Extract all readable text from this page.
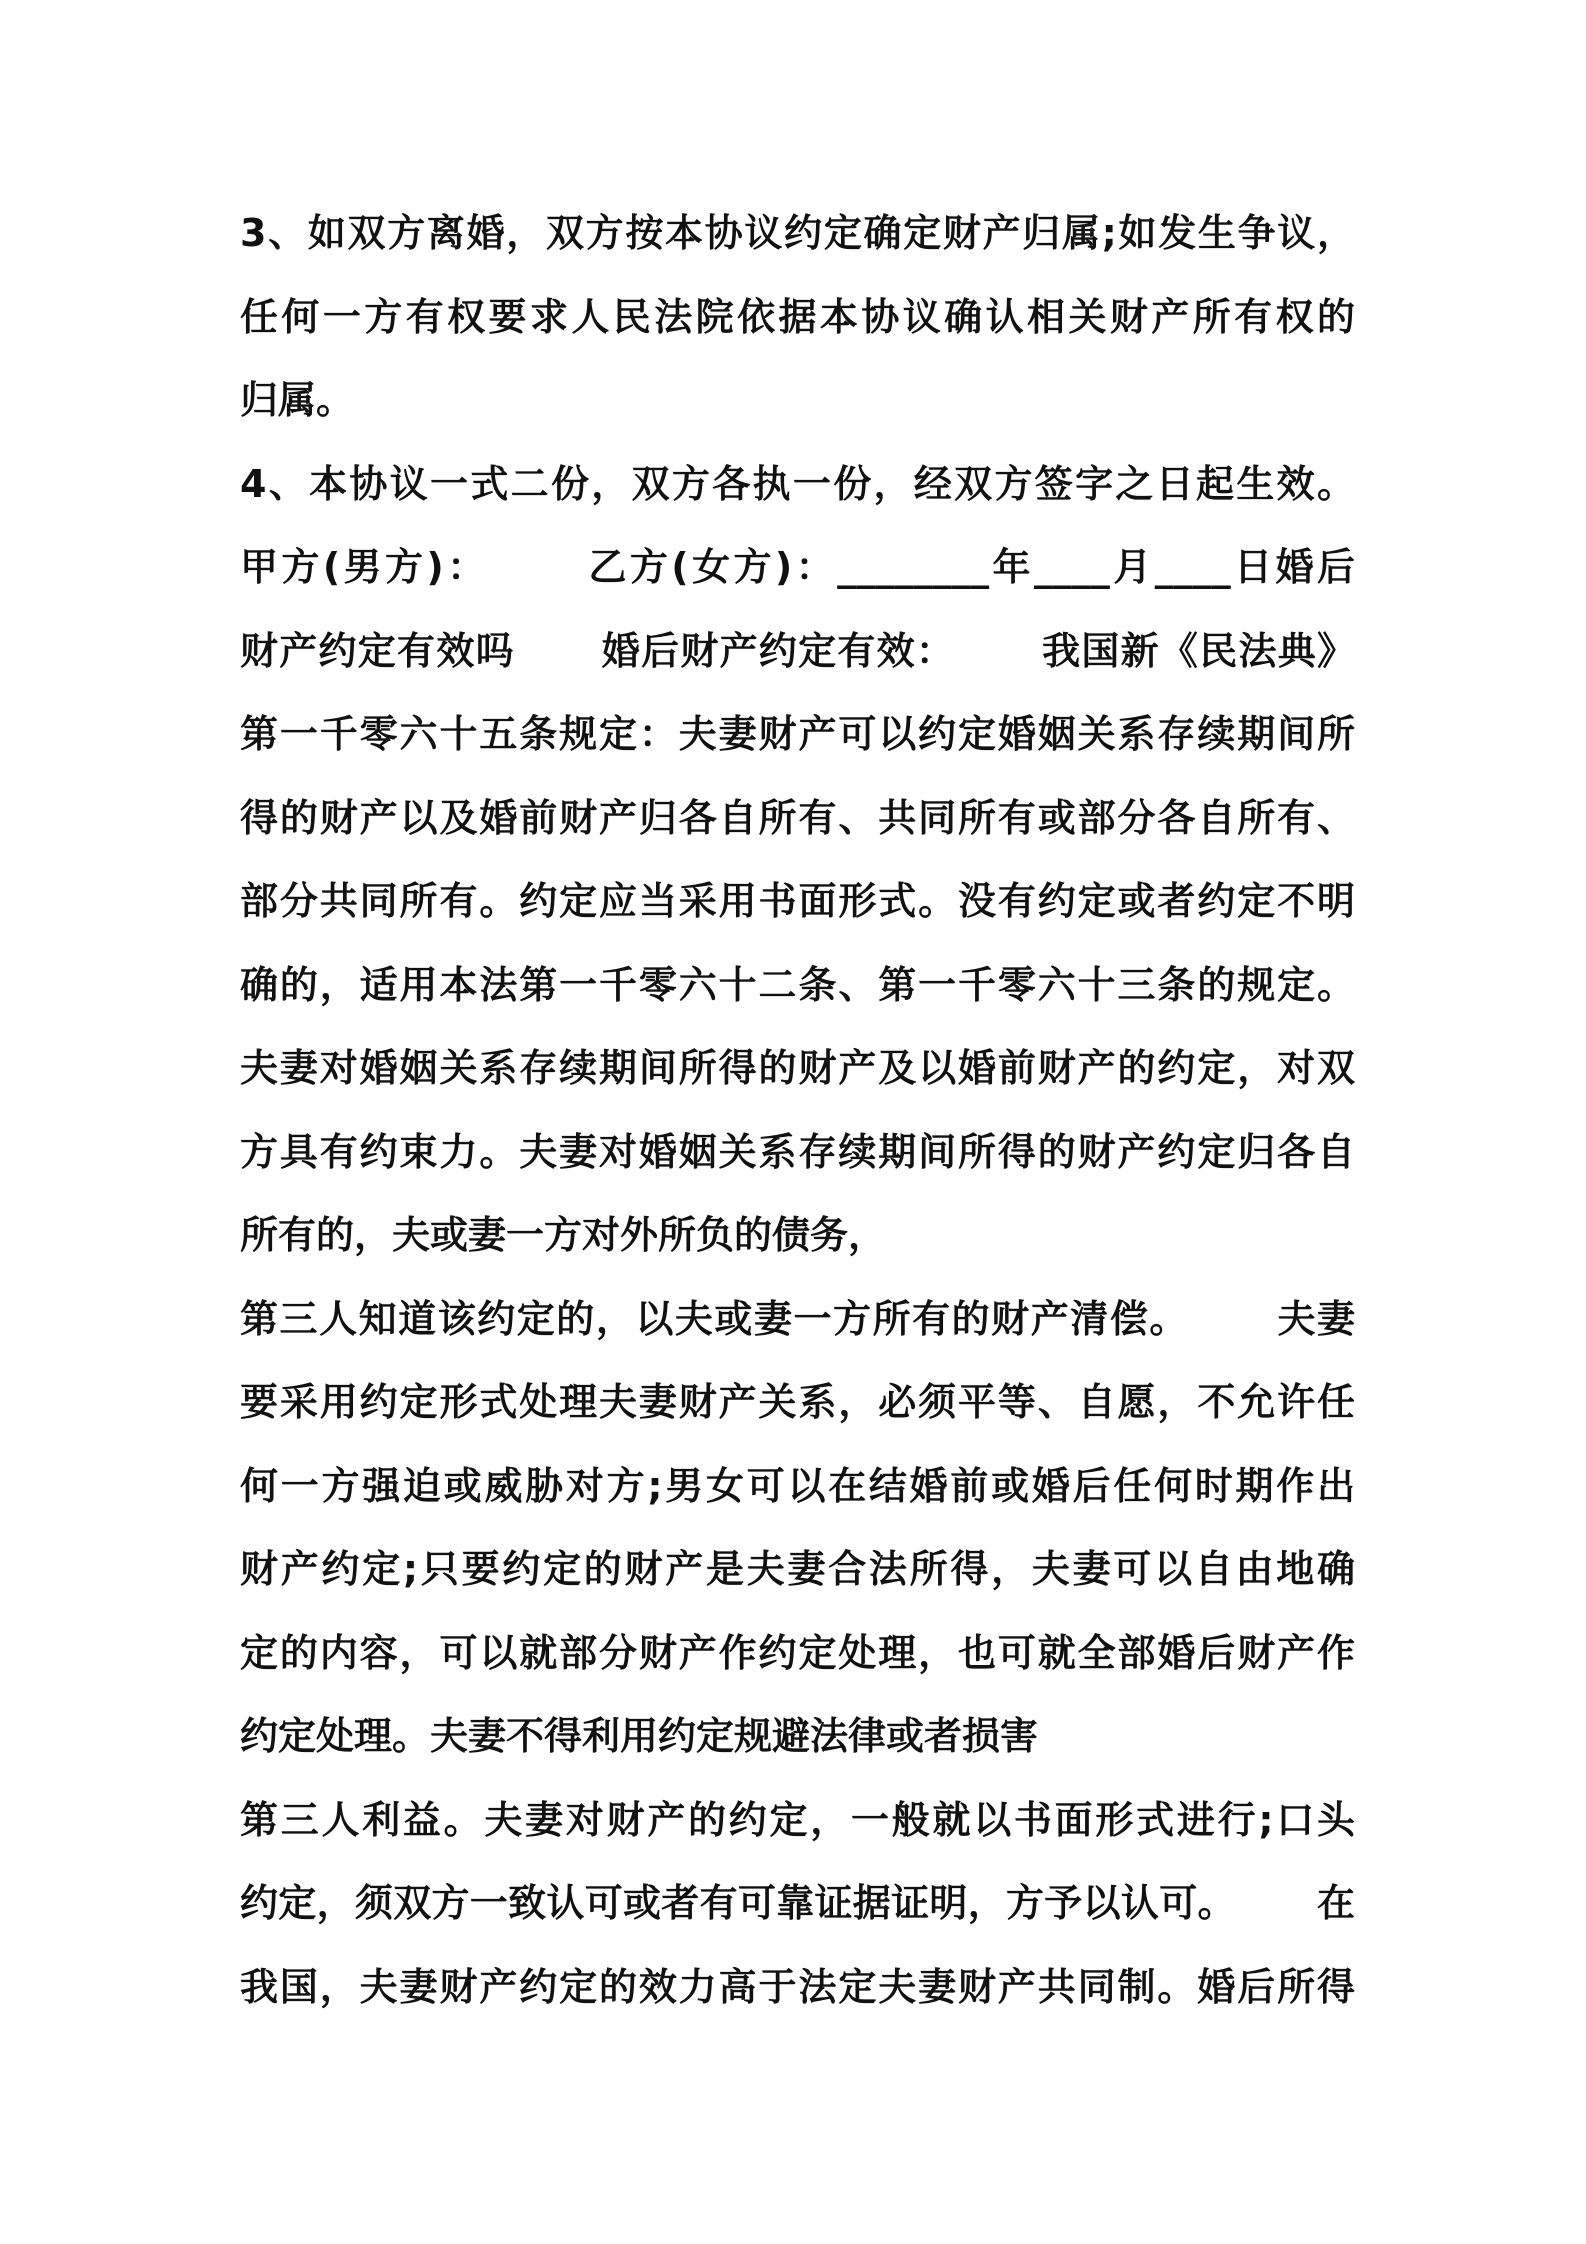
3、如双方离婚，双方按本协议约定确定财产归属;如发生争议，
任何一方有权要求人民法院依据本协议确认相关财产所有权的
归属。
4、本协议一式二份，双方各执一份，经双方签字之日起生效。
甲方(男方)：      乙方(女方)：________年____月____日婚后
财产约定有效吗      婚后财产约定有效：      我国新《民法典》
第一千零六十五条规定：夫妻财产可以约定婚姻关系存续期间所
得的财产以及婚前财产归各自所有、共同所有或部分各自所有、
部分共同所有。约定应当采用书面形式。没有约定或者约定不明
确的，适用本法第一千零六十二条、第一千零六十三条的规定。
夫妻对婚姻关系存续期间所得的财产及以婚前财产的约定，对双
方具有约束力。夫妻对婚姻关系存续期间所得的财产约定归各自
所有的，夫或妻一方对外所负的债务，
第三人知道该约定的，以夫或妻一方所有的财产清偿。      夫妻
要采用约定形式处理夫妻财产关系，必须平等、自愿，不允许任
何一方强迫或威胁对方;男女可以在结婚前或婚后任何时期作出
财产约定;只要约定的财产是夫妻合法所得，夫妻可以自由地确
定的内容，可以就部分财产作约定处理，也可就全部婚后财产作
约定处理。夫妻不得利用约定规避法律或者损害
第三人利益。夫妻对财产的约定，一般就以书面形式进行;口头
约定，须双方一致认可或者有可靠证据证明，方予以认可。      在
我国，夫妻财产约定的效力高于法定夫妻财产共同制。婚后所得
